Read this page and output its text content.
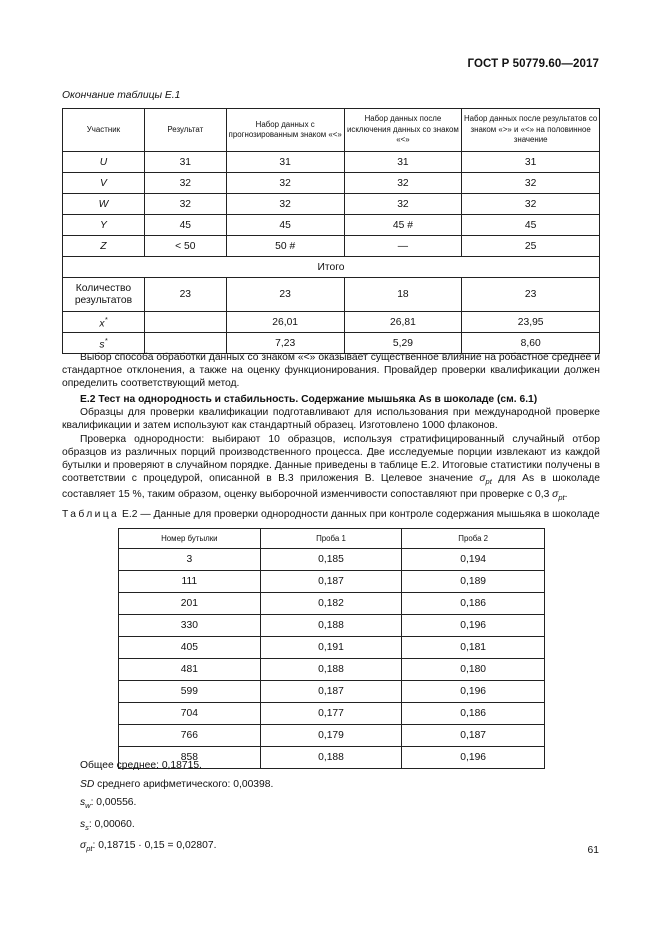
ГОСТ Р 50779.60—2017
Окончание таблицы Е.1
Участник	Результат	Набор данных с прогнозированным знаком «<»	Набор данных после исключения данных со знаком «<»	Набор данных после результатов со знаком «>» и «<» на половинное значение
U	31	31	31	31
V	32	32	32	32
W	32	32	32	32
Y	45	45	45 #	45
Z	< 50	50 #	—	25
Итого				
Количество результатов	23	23	18	23
x*		26,01	26,81	23,95
s*		7,23	5,29	8,60

Выбор способа обработки данных со знаком «<» оказывает существенное влияние на робастное среднее и стандартное отклонения, а также на оценку функционирования. Провайдер проверки квалификации должен определить соответствующий метод.

Е.2 Тест на однородность и стабильность. Содержание мышьяка As в шоколаде (см. 6.1)

Образцы для проверки квалификации подготавливают для использования при международной проверке квалификации и затем используют как стандартный образец. Изготовлено 1000 флаконов.

Проверка однородности: выбирают 10 образцов, используя стратифицированный случайный отбор образцов из различных порций производственного процесса. Две исследуемые порции извлекают из каждой бутылки и проверяют в случайном порядке. Данные приведены в таблице Е.2. Итоговые статистики получены в соответствии с процедурой, описанной в В.3 приложения В. Целевое значение $\sigma_{pt}$ для As в шоколаде составляет 15 %, таким образом, оценку выборочной изменчивости сопоставляют при проверке с 0,3 $\sigma_{pt}$.

Таблица Е.2 — Данные для проверки однородности данных при контроле содержания мышьяка в шоколаде
Номер бутылки	Проба 1	Проба 2
3	0,185	0,194
111	0,187	0,189
201	0,182	0,186
330	0,188	0,196
405	0,191	0,181
481	0,188	0,180
599	0,187	0,196
704	0,177	0,186
766	0,179	0,187
858	0,188	0,196
Общее среднее: 0,18715.
SD среднего арифметического: 0,00398.
$s_w$: 0,00556.
$s_s$: 0,00060.
$\sigma_{pt}$: 0,18715 · 0,15 = 0,02807.	61
